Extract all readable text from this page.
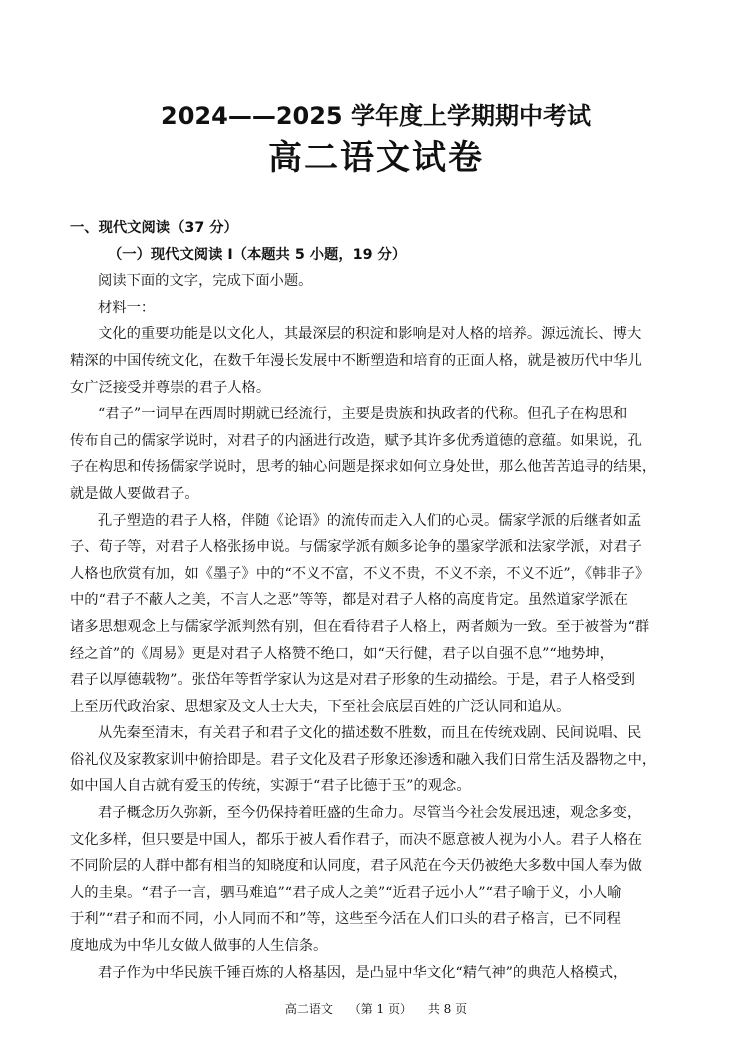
2024——2025 学年度上学期期中考试
高二语文试卷
一、现代文阅读（37 分）
（一）现代文阅读 I（本题共 5 小题，19 分）
阅读下面的文字，完成下面小题。
材料一：
文化的重要功能是以文化人，其最深层的积淀和影响是对人格的培养。源远流长、博大
精深的中国传统文化，在数千年漫长发展中不断塑造和培育的正面人格，就是被历代中华儿
女广泛接受并尊崇的君子人格。
“君子”一词早在西周时期就已经流行，主要是贵族和执政者的代称。但孔子在构思和
传布自己的儒家学说时，对君子的内涵进行改造，赋予其许多优秀道德的意蕴。如果说，孔
子在构思和传扬儒家学说时，思考的轴心问题是探求如何立身处世，那么他苦苦追寻的结果，
就是做人要做君子。
孔子塑造的君子人格，伴随《论语》的流传而走入人们的心灵。儒家学派的后继者如孟
子、荀子等，对君子人格张扬申说。与儒家学派有颇多论争的墨家学派和法家学派，对君子
人格也欣赏有加，如《墨子》中的“不义不富，不义不贵，不义不亲，不义不近”，《韩非子》
中的“君子不蔽人之美，不言人之恶”等等，都是对君子人格的高度肯定。虽然道家学派在
诸多思想观念上与儒家学派判然有别，但在看待君子人格上，两者颇为一致。至于被誉为“群
经之首”的《周易》更是对君子人格赞不绝口，如“天行健，君子以自强不息”“地势坤，
君子以厚德载物”。张岱年等哲学家认为这是对君子形象的生动描绘。于是，君子人格受到
上至历代政治家、思想家及文人士大夫，下至社会底层百姓的广泛认同和追从。
从先秦至清末，有关君子和君子文化的描述数不胜数，而且在传统戏剧、民间说唱、民
俗礼仪及家教家训中俯拾即是。君子文化及君子形象还渗透和融入我们日常生活及器物之中，
如中国人自古就有爱玉的传统，实源于“君子比德于玉”的观念。
君子概念历久弥新，至今仍保持着旺盛的生命力。尽管当今社会发展迅速，观念多变，
文化多样，但只要是中国人，都乐于被人看作君子，而决不愿意被人视为小人。君子人格在
不同阶层的人群中都有相当的知晓度和认同度，君子风范在今天仍被绝大多数中国人奉为做
人的圭臬。“君子一言，驷马难追”“君子成人之美”“近君子远小人”“君子喻于义，小人喻
于利”“君子和而不同，小人同而不和”等，这些至今活在人们口头的君子格言，已不同程
度地成为中华儿女做人做事的人生信条。
君子作为中华民族千锤百炼的人格基因，是凸显中华文化“精气神”的典范人格模式，
高二语文 （第 1 页） 共 8 页
